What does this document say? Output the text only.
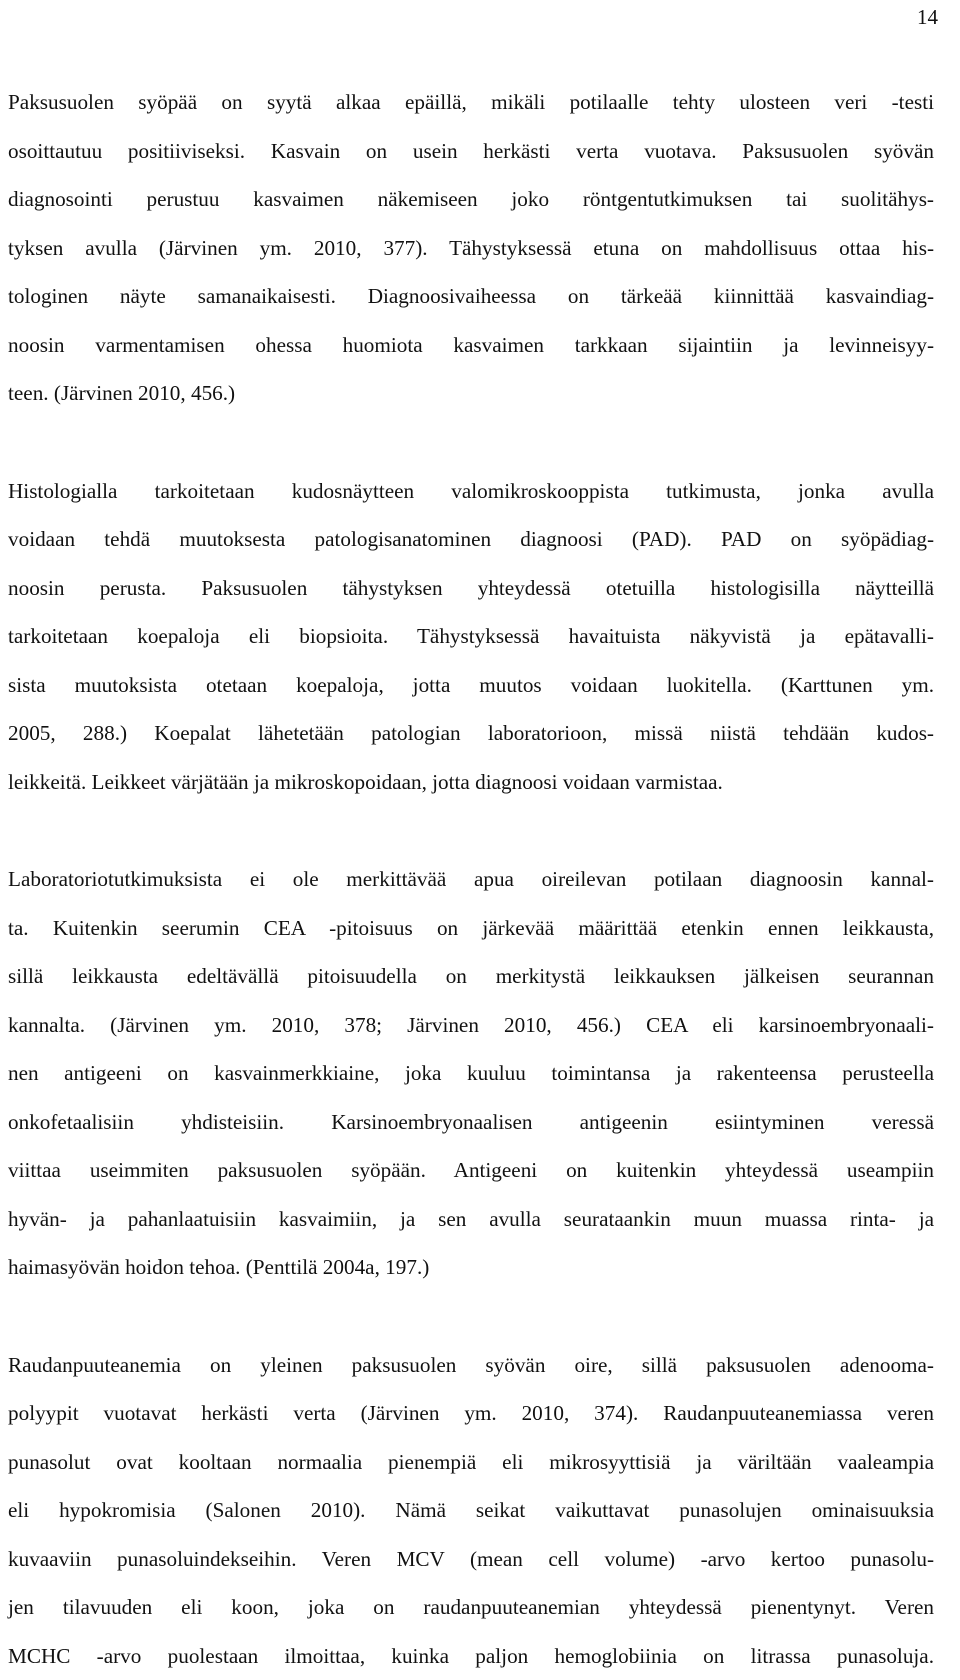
14
Paksusuolen syöpää on syytä alkaa epäillä, mikäli potilaalle tehty ulosteen veri -testi
osoittautuu positiiviseksi. Kasvain on usein herkästi verta vuotava. Paksusuolen syövän
diagnosointi perustuu kasvaimen näkemiseen joko röntgentutkimuksen tai suolitähys-
tyksen avulla (Järvinen ym. 2010, 377). Tähystyksessä etuna on mahdollisuus ottaa his-
tologinen näyte samanaikaisesti. Diagnoosivaiheessa on tärkeää kiinnittää kasvaindiag-
noosin varmentamisen ohessa huomiota kasvaimen tarkkaan sijaintiin ja levinneisyy-
teen. (Järvinen 2010, 456.)
Histologialla tarkoitetaan kudosnäytteen valomikroskooppista tutkimusta, jonka avulla
voidaan tehdä muutoksesta patologisanatominen diagnoosi (PAD). PAD on syöpädiag-
noosin perusta. Paksusuolen tähystyksen yhteydessä otetuilla histologisilla näytteillä
tarkoitetaan koepaloja eli biopsioita. Tähystyksessä havaituista näkyvistä ja epätavalli-
sista muutoksista otetaan koepaloja, jotta muutos voidaan luokitella. (Karttunen ym.
2005, 288.) Koepalat lähetetään patologian laboratorioon, missä niistä tehdään kudos-
leikkeitä. Leikkeet värjätään ja mikroskopoidaan, jotta diagnoosi voidaan varmistaa.
Laboratoriotutkimuksista ei ole merkittävää apua oireilevan potilaan diagnoosin kannal-
ta. Kuitenkin seerumin CEA -pitoisuus on järkevää määrittää etenkin ennen leikkausta,
sillä leikkausta edeltävällä pitoisuudella on merkitystä leikkauksen jälkeisen seurannan
kannalta. (Järvinen ym. 2010, 378; Järvinen 2010, 456.) CEA eli karsinoembryonaali-
nen antigeeni on kasvainmerkkiaine, joka kuuluu toimintansa ja rakenteensa perusteella
onkofetaalisiin yhdisteisiin. Karsinoembryonaalisen antigeenin esiintyminen veressä
viittaa useimmiten paksusuolen syöpään. Antigeeni on kuitenkin yhteydessä useampiin
hyvän- ja pahanlaatuisiin kasvaimiin, ja sen avulla seurataankin muun muassa rinta- ja
haimasyövän hoidon tehoa. (Penttilä 2004a, 197.)
Raudanpuuteanemia on yleinen paksusuolen syövän oire, sillä paksusuolen adenooma-
polyypit vuotavat herkästi verta (Järvinen ym. 2010, 374). Raudanpuuteanemiassa veren
punasolut ovat kooltaan normaalia pienempiä eli mikrosyyttisiä ja väriltään vaaleampia
eli hypokromisia (Salonen 2010). Nämä seikat vaikuttavat punasolujen ominaisuuksia
kuvaaviin punasoluindekseihin. Veren MCV (mean cell volume) -arvo kertoo punasolu-
jen tilavuuden eli koon, joka on raudanpuuteanemian yhteydessä pienentynyt. Veren
MCHC -arvo puolestaan ilmoittaa, kuinka paljon hemoglobiinia on litrassa punasoluja.
